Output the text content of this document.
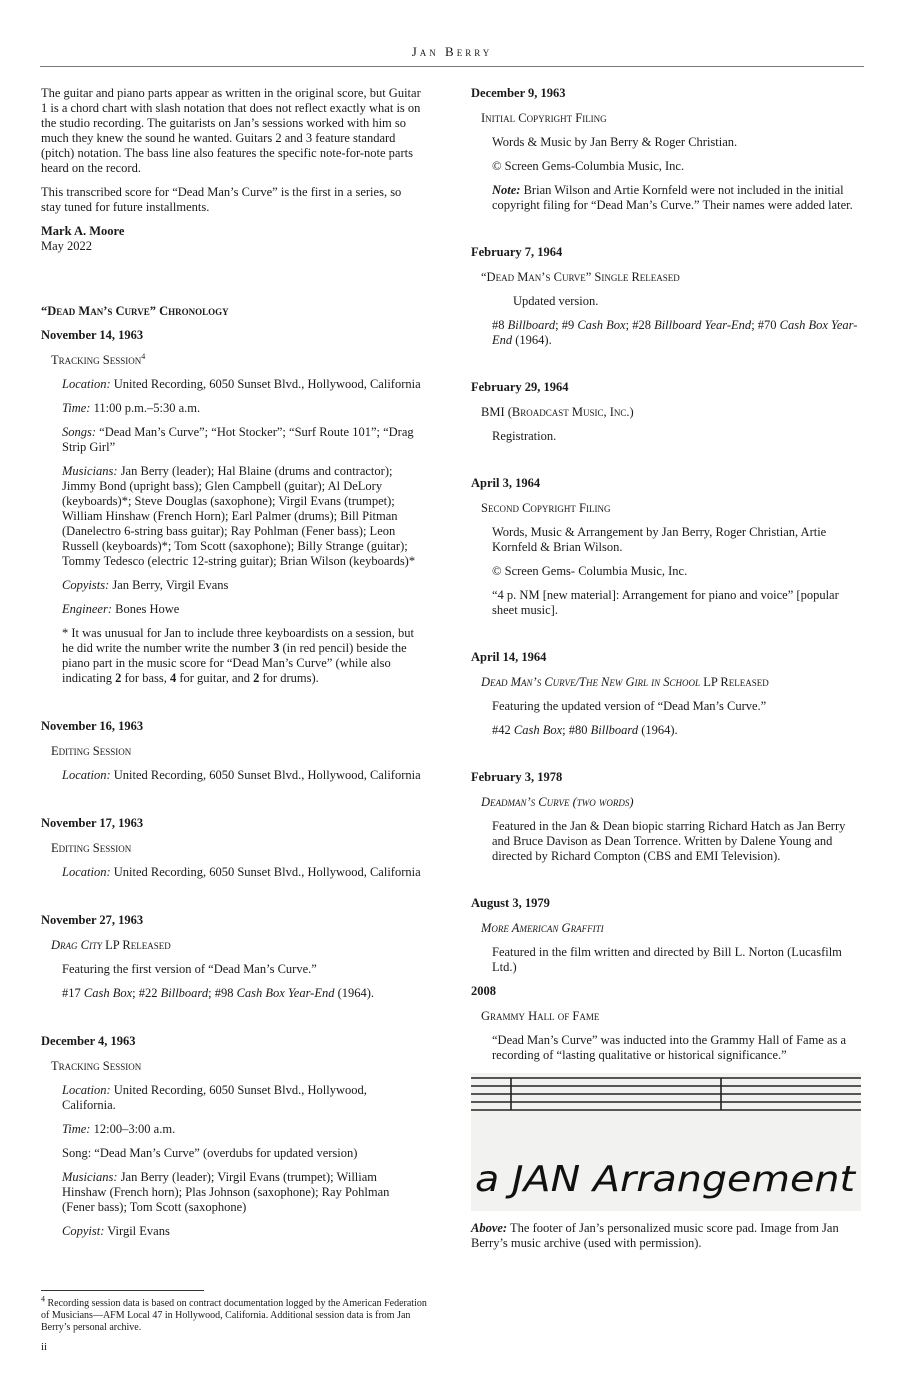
Jan Berry

The guitar and piano parts appear as written in the original score, but Guitar 1 is a chord chart with slash notation that does not reflect exactly what is on the studio recording. The guitarists on Jan’s sessions worked with him so much they knew the sound he wanted. Guitars 2 and 3 feature standard (pitch) notation. The bass line also features the specific note-for-note parts heard on the record.

This transcribed score for “Dead Man’s Curve” is the first in a series, so stay tuned for future installments.

Mark A. Moore

May 2022
“Dead Man’s Curve” Chronology
November 14, 1963
Tracking Session$^4$
Location: United Recording, 6050 Sunset Blvd., Hollywood, California
Time: 11:00 p.m.–5:30 a.m.
Songs: “Dead Man’s Curve”; “Hot Stocker”; “Surf Route 101”; “Drag Strip Girl”
Musicians: Jan Berry (leader); Hal Blaine (drums and contractor); Jimmy Bond (upright bass); Glen Campbell (guitar); Al DeLory (keyboards)*; Steve Douglas (saxophone); Virgil Evans (trumpet); William Hinshaw (French Horn); Earl Palmer (drums); Bill Pitman (Danelectro 6-string bass guitar); Ray Pohlman (Fener bass); Leon Russell (keyboards)*; Tom Scott (saxophone); Billy Strange (guitar); Tommy Tedesco (electric 12-string guitar); Brian Wilson (keyboards)*
Copyists: Jan Berry, Virgil Evans
Engineer: Bones Howe
* It was unusual for Jan to include three keyboardists on a session, but he did write the number write the number 3 (in red pencil) beside the piano part in the music score for “Dead Man’s Curve” (while also indicating 2 for bass, 4 for guitar, and 2 for drums).
November 16, 1963
Editing Session
Location: United Recording, 6050 Sunset Blvd., Hollywood, California
November 17, 1963
Editing Session
Location: United Recording, 6050 Sunset Blvd., Hollywood, California
November 27, 1963
Drag City LP Released
Featuring the first version of “Dead Man’s Curve.”
#17 Cash Box; #22 Billboard; #98 Cash Box Year-End (1964).
December 4, 1963
Tracking Session
Location: United Recording, 6050 Sunset Blvd., Hollywood, California.
Time: 12:00–3:00 a.m.
Song: “Dead Man’s Curve” (overdubs for updated version)
Musicians: Jan Berry (leader); Virgil Evans (trumpet); William Hinshaw (French horn); Plas Johnson (saxophone); Ray Pohlman (Fener bass); Tom Scott (saxophone)
Copyist: Virgil Evans
December 9, 1963
Initial Copyright Filing
Words & Music by Jan Berry & Roger Christian.
© Screen Gems-Columbia Music, Inc.
Note: Brian Wilson and Artie Kornfeld were not included in the initial copyright filing for “Dead Man’s Curve.” Their names were added later.
February 7, 1964
“Dead Man’s Curve” Single Released
Updated version.
#8 Billboard; #9 Cash Box; #28 Billboard Year-End; #70 Cash Box Year-End (1964).
February 29, 1964
BMI (Broadcast Music, Inc.)
Registration.
April 3, 1964
Second Copyright Filing
Words, Music & Arrangement by Jan Berry, Roger Christian, Artie Kornfeld & Brian Wilson.
© Screen Gems- Columbia Music, Inc.
“4 p. NM [new material]: Arrangement for piano and voice” [popular sheet music].
April 14, 1964
Dead Man’s Curve/The New Girl in School LP Released
Featuring the updated version of “Dead Man’s Curve.”
#42 Cash Box; #80 Billboard (1964).
February 3, 1978
Deadman’s Curve (two words)
Featured in the Jan & Dean biopic starring Richard Hatch as Jan Berry and Bruce Davison as Dean Torrence. Written by Dalene Young and directed by Richard Compton (CBS and EMI Television).
August 3, 1979
More American Graffiti
Featured in the film written and directed by Bill L. Norton (Lucasfilm Ltd.)
2008
Grammy Hall of Fame
“Dead Man’s Curve” was inducted into the Grammy Hall of Fame as a recording of “lasting qualitative or historical significance.”
a JAN Arrangement
Above: The footer of Jan’s personalized music score pad. Image from Jan Berry’s music archive (used with permission).
$^4$ Recording session data is based on contract documentation logged by the American Federation of Musicians—AFM Local 47 in Hollywood, California. Additional session data is from Jan Berry’s personal archive.
ii
